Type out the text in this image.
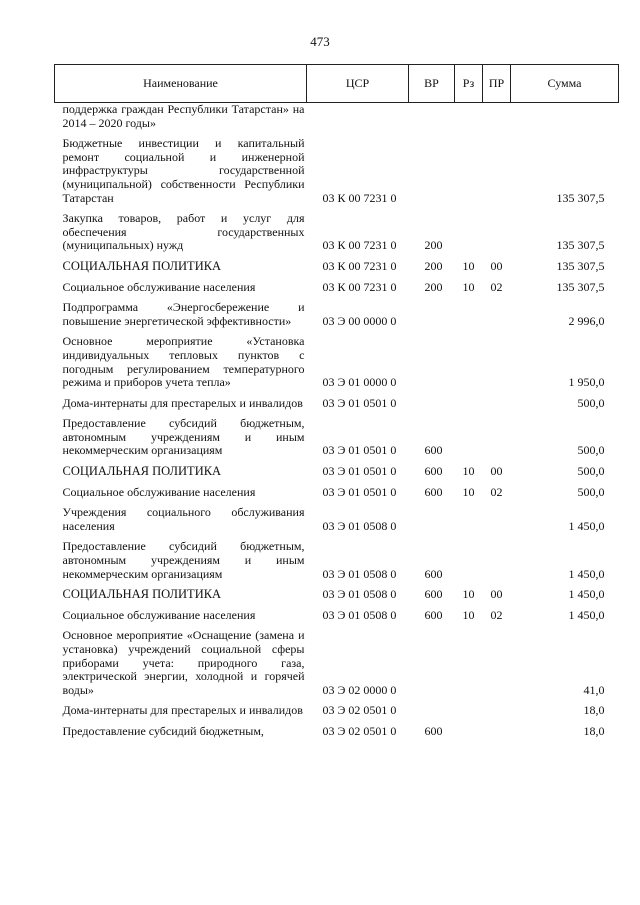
473
Наименование	ЦСР	ВР	Рз	ПР	Сумма
поддержка граждан Республики Татарстан» на 2014 – 2020 годы»					

Бюджетные инвестиции и капитальный ремонт социальной и инженерной инфраструктуры государственной (муниципальной) собственности Республики Татарстан	03 К 00 7231 0				135 307,5

Закупка товаров, работ и услуг для обеспечения государственных (муниципальных) нужд	03 К 00 7231 0	200			135 307,5

СОЦИАЛЬНАЯ ПОЛИТИКА	03 К 00 7231 0	200	10	00	135 307,5

Социальное обслуживание населения	03 К 00 7231 0	200	10	02	135 307,5

Подпрограмма «Энергосбережение и повышение энергетической эффективности»	03 Э 00 0000 0				2 996,0

Основное мероприятие «Установка индивидуальных тепловых пунктов с погодным регулированием температурного режима и приборов учета тепла»	03 Э 01 0000 0				1 950,0

Дома-интернаты для престарелых и инвалидов	03 Э 01 0501 0				500,0

Предоставление субсидий бюджетным, автономным учреждениям и иным некоммерческим организациям	03 Э 01 0501 0	600			500,0

СОЦИАЛЬНАЯ ПОЛИТИКА	03 Э 01 0501 0	600	10	00	500,0

Социальное обслуживание населения	03 Э 01 0501 0	600	10	02	500,0

Учреждения социального обслуживания населения	03 Э 01 0508 0				1 450,0

Предоставление субсидий бюджетным, автономным учреждениям и иным некоммерческим организациям	03 Э 01 0508 0	600			1 450,0

СОЦИАЛЬНАЯ ПОЛИТИКА	03 Э 01 0508 0	600	10	00	1 450,0

Социальное обслуживание населения	03 Э 01 0508 0	600	10	02	1 450,0

Основное мероприятие «Оснащение (замена и установка) учреждений социальной сферы приборами учета: природного газа, электрической энергии, холодной и горячей воды»	03 Э 02 0000 0				41,0

Дома-интернаты для престарелых и инвалидов	03 Э 02 0501 0				18,0

Предоставление субсидий бюджетным,	03 Э 02 0501 0	600			18,0
